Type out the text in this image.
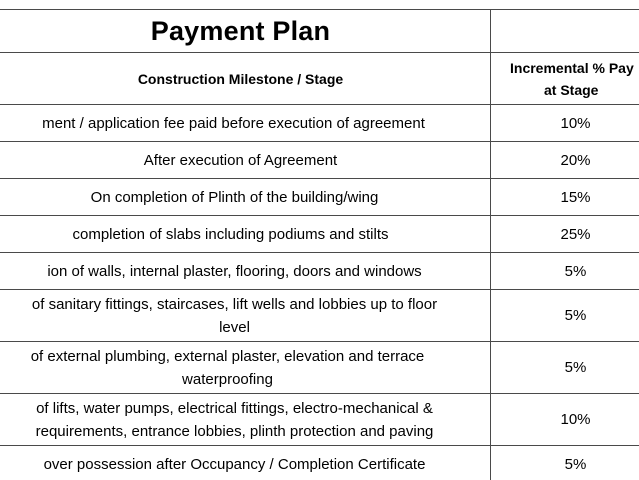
Payment Plan	

Construction Milestone / Stage	Incremental % Pay
at Stage

ment / application fee paid before execution of agreement	10%
After execution of Agreement	20%
On completion of Plinth of the building/wing	15%
completion of slabs including podiums and stilts	25%
ion of walls, internal plaster, flooring, doors and windows	5%

of sanitary fittings, staircases, lift wells and lobbies up to floor
level	5%

of external plumbing, external plaster, elevation and terrace
waterproofing	5%

of lifts, water pumps, electrical fittings, electro-mechanical &
requirements, entrance lobbies, plinth protection and paving	10%
over possession after Occupancy / Completion Certificate	5%
